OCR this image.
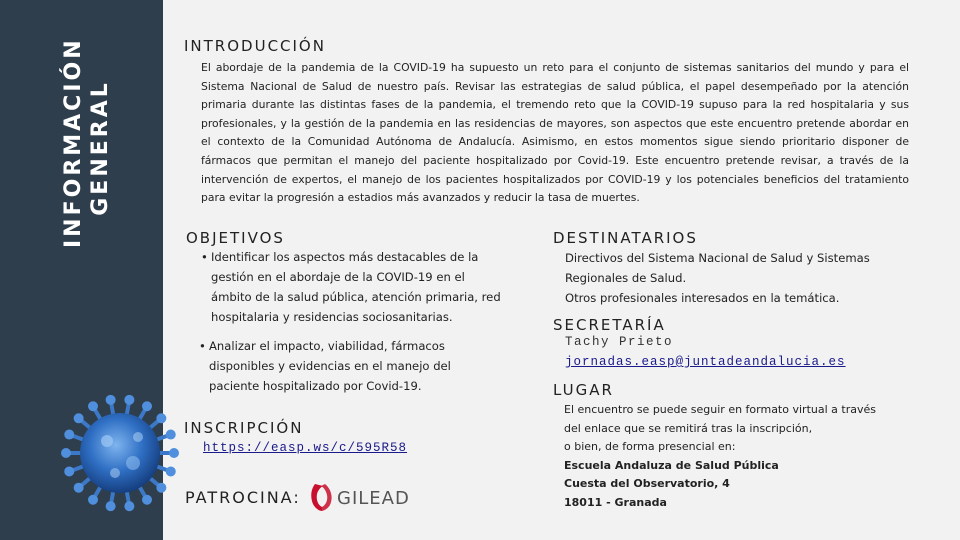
INFORMACIÓN GENERAL
INTRODUCCIÓN
El abordaje de la pandemia de la COVID-19 ha supuesto un reto para el conjunto de sistemas sanitarios del mundo y para el Sistema Nacional de Salud de nuestro país. Revisar las estrategias de salud pública, el papel desempeñado por la atención primaria durante las distintas fases de la pandemia, el tremendo reto que la COVID-19 supuso para la red hospitalaria y sus profesionales, y la gestión de la pandemia en las residencias de mayores, son aspectos que este encuentro pretende abordar en el contexto de la Comunidad Autónoma de Andalucía. Asimismo, en estos momentos sigue siendo prioritario disponer de fármacos que permitan el manejo del paciente hospitalizado por Covid-19. Este encuentro pretende revisar, a través de la intervención de expertos, el manejo de los pacientes hospitalizados por COVID-19 y los potenciales beneficios del tratamiento para evitar la progresión a estadios más avanzados y reducir la tasa de muertes.
OBJETIVOS
• Identificar los aspectos más destacables de la gestión en el abordaje de la COVID-19 en el ámbito de la salud pública, atención primaria, red hospitalaria y residencias sociosanitarias.
• Analizar el impacto, viabilidad, fármacos disponibles y evidencias en el manejo del paciente hospitalizado por Covid-19.
INSCRIPCIÓN
https://easp.ws/c/595R58
PATROCINA: GILEAD
DESTINATARIOS
Directivos del Sistema Nacional de Salud y Sistemas
Regionales de Salud.
Otros profesionales interesados en la temática.
SECRETARÍA
Tachy Prieto
jornadas.easp@juntadeandalucia.es
LUGAR
El encuentro se puede seguir en formato virtual a través
del enlace que se remitirá tras la inscripción,
o bien, de forma presencial en:
Escuela Andaluza de Salud Pública
Cuesta del Observatorio, 4
18011 - Granada
